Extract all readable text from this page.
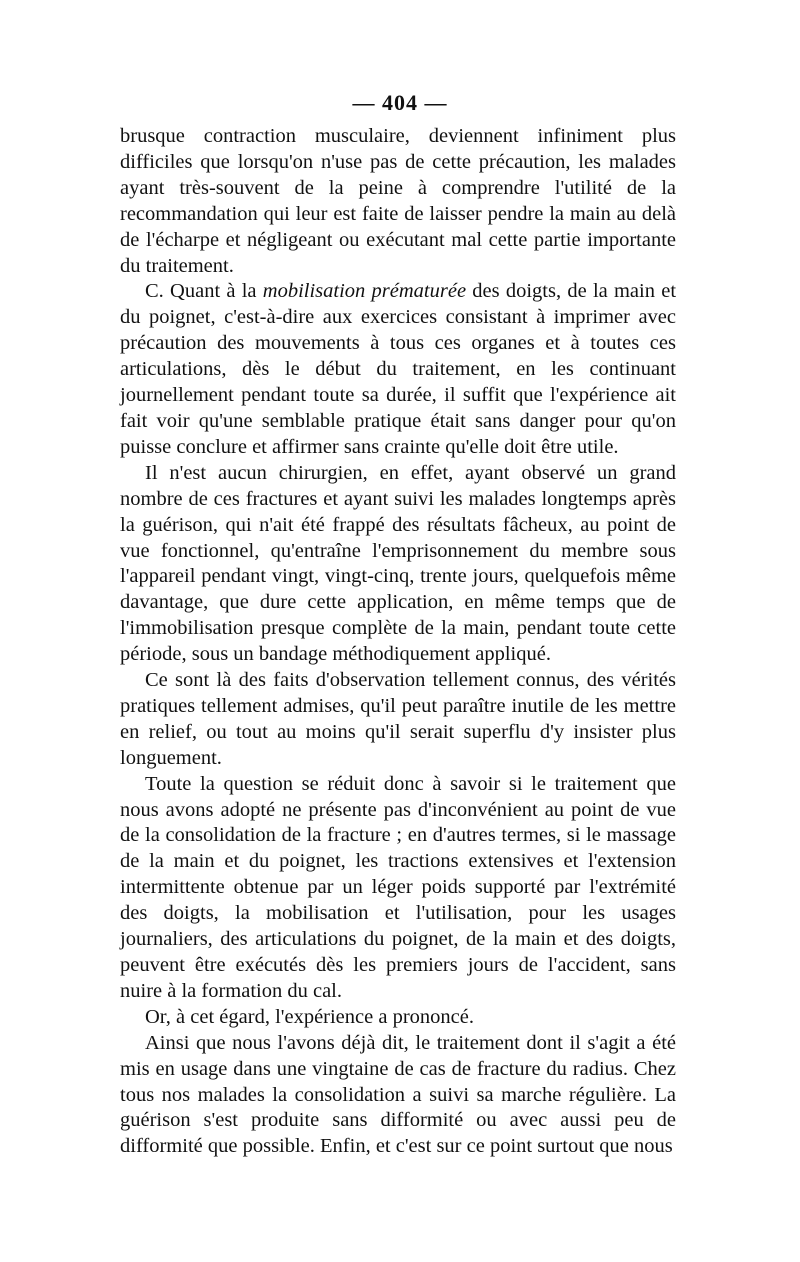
— 404 —

brusque contraction musculaire, deviennent infiniment plus difficiles que lorsqu'on n'use pas de cette précaution, les malades ayant très-souvent de la peine à comprendre l'utilité de la recommandation qui leur est faite de laisser pendre la main au delà de l'écharpe et négligeant ou exécutant mal cette partie importante du traitement.

C. Quant à la mobilisation prématurée des doigts, de la main et du poignet, c'est-à-dire aux exercices consistant à imprimer avec précaution des mouvements à tous ces organes et à toutes ces articulations, dès le début du traitement, en les continuant journellement pendant toute sa durée, il suffit que l'expérience ait fait voir qu'une semblable pratique était sans danger pour qu'on puisse conclure et affirmer sans crainte qu'elle doit être utile.

Il n'est aucun chirurgien, en effet, ayant observé un grand nombre de ces fractures et ayant suivi les malades longtemps après la guérison, qui n'ait été frappé des résultats fâcheux, au point de vue fonctionnel, qu'entraîne l'emprisonnement du membre sous l'appareil pendant vingt, vingt-cinq, trente jours, quelquefois même davantage, que dure cette application, en même temps que de l'immobilisation presque complète de la main, pendant toute cette période, sous un bandage méthodiquement appliqué.

Ce sont là des faits d'observation tellement connus, des vérités pratiques tellement admises, qu'il peut paraître inutile de les mettre en relief, ou tout au moins qu'il serait superflu d'y insister plus longuement.

Toute la question se réduit donc à savoir si le traitement que nous avons adopté ne présente pas d'inconvénient au point de vue de la consolidation de la fracture ; en d'autres termes, si le massage de la main et du poignet, les tractions extensives et l'extension intermittente obtenue par un léger poids supporté par l'extrémité des doigts, la mobilisation et l'utilisation, pour les usages journaliers, des articulations du poignet, de la main et des doigts, peuvent être exécutés dès les premiers jours de l'accident, sans nuire à la formation du cal.

Or, à cet égard, l'expérience a prononcé.

Ainsi que nous l'avons déjà dit, le traitement dont il s'agit a été mis en usage dans une vingtaine de cas de fracture du radius. Chez tous nos malades la consolidation a suivi sa marche régulière. La guérison s'est produite sans difformité ou avec aussi peu de difformité que possible. Enfin, et c'est sur ce point surtout que nous
